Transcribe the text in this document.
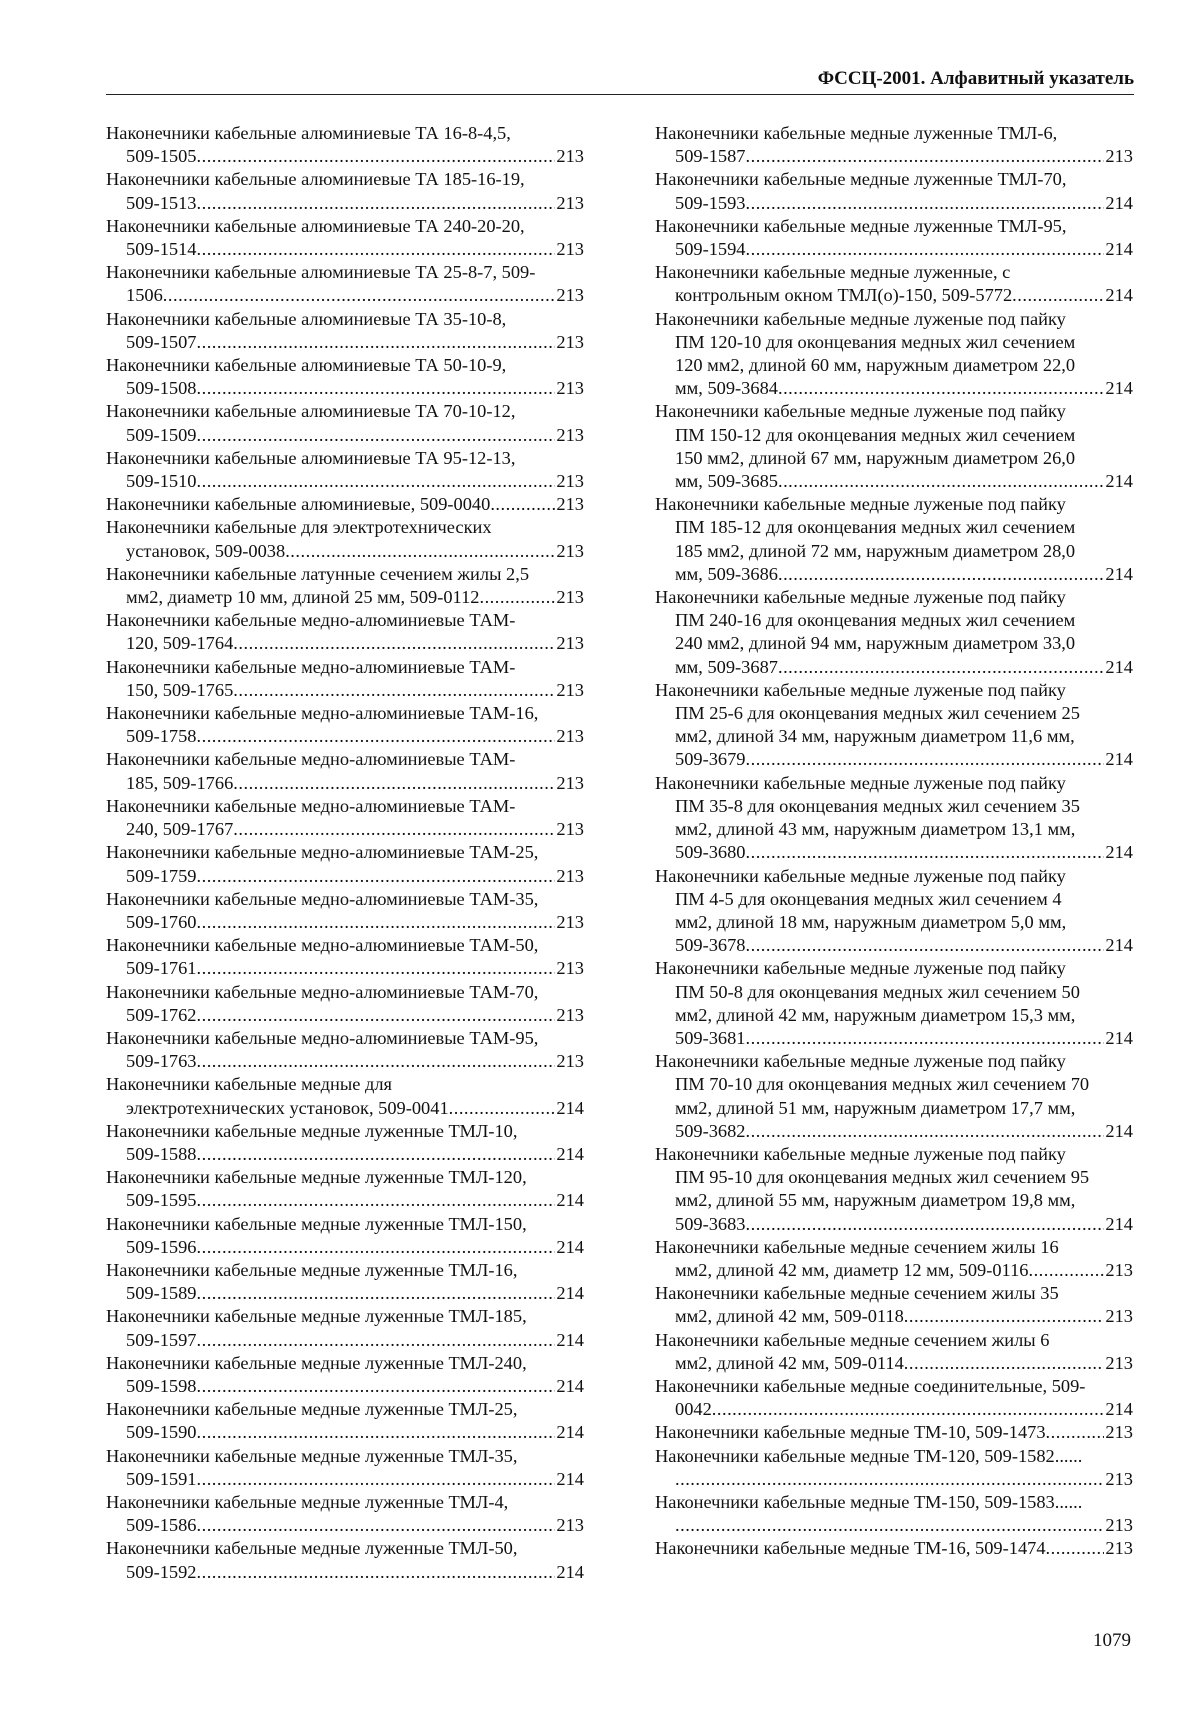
ФССЦ-2001. Алфавитный указатель
Наконечники кабельные алюминиевые ТА 16-8-4,5,
509-1505 .....	213
Наконечники кабельные алюминиевые ТА 185-16-19,
509-1513 .....	213
Наконечники кабельные алюминиевые ТА 240-20-20,
509-1514 .....	213
Наконечники кабельные алюминиевые ТА 25-8-7, 509-
1506 .....	213
Наконечники кабельные алюминиевые ТА 35-10-8,
509-1507 .....	213
Наконечники кабельные алюминиевые ТА 50-10-9,
509-1508 .....	213
Наконечники кабельные алюминиевые ТА 70-10-12,
509-1509 .....	213
Наконечники кабельные алюминиевые ТА 95-12-13,
509-1510 .....	213
Наконечники кабельные алюминиевые, 509-0040 .....	213
Наконечники кабельные для электротехнических
установок, 509-0038 .....	213
Наконечники кабельные латунные сечением жилы 2,5
мм2, диаметр 10 мм, длиной 25 мм, 509-0112 .....	213
Наконечники кабельные медно-алюминиевые ТАМ-
120, 509-1764 .....	213
Наконечники кабельные медно-алюминиевые ТАМ-
150, 509-1765 .....	213
Наконечники кабельные медно-алюминиевые ТАМ-16,
509-1758 .....	213
Наконечники кабельные медно-алюминиевые ТАМ-
185, 509-1766 .....	213
Наконечники кабельные медно-алюминиевые ТАМ-
240, 509-1767 .....	213
Наконечники кабельные медно-алюминиевые ТАМ-25,
509-1759 .....	213
Наконечники кабельные медно-алюминиевые ТАМ-35,
509-1760 .....	213
Наконечники кабельные медно-алюминиевые ТАМ-50,
509-1761 .....	213
Наконечники кабельные медно-алюминиевые ТАМ-70,
509-1762 .....	213
Наконечники кабельные медно-алюминиевые ТАМ-95,
509-1763 .....	213
Наконечники кабельные медные для
электротехнических установок, 509-0041 .....	214
Наконечники кабельные медные луженные ТМЛ-10,
509-1588 .....	214
Наконечники кабельные медные луженные ТМЛ-120,
509-1595 .....	214
Наконечники кабельные медные луженные ТМЛ-150,
509-1596 .....	214
Наконечники кабельные медные луженные ТМЛ-16,
509-1589 .....	214
Наконечники кабельные медные луженные ТМЛ-185,
509-1597 .....	214
Наконечники кабельные медные луженные ТМЛ-240,
509-1598 .....	214
Наконечники кабельные медные луженные ТМЛ-25,
509-1590 .....	214
Наконечники кабельные медные луженные ТМЛ-35,
509-1591 .....	214
Наконечники кабельные медные луженные ТМЛ-4,
509-1586 .....	213
Наконечники кабельные медные луженные ТМЛ-50,
509-1592 .....	214
Наконечники кабельные медные луженные ТМЛ-6,
509-1587 .....	213
Наконечники кабельные медные луженные ТМЛ-70,
509-1593 .....	214
Наконечники кабельные медные луженные ТМЛ-95,
509-1594 .....	214
Наконечники кабельные медные луженные, с
контрольным окном ТМЛ(о)-150, 509-5772 .....	214
Наконечники кабельные медные луженые под пайку
ПМ 120-10 для оконцевания медных жил сечением
120 мм2, длиной 60 мм, наружным диаметром 22,0
мм, 509-3684 .....	214
Наконечники кабельные медные луженые под пайку
ПМ 150-12 для оконцевания медных жил сечением
150 мм2, длиной 67 мм, наружным диаметром 26,0
мм, 509-3685 .....	214
Наконечники кабельные медные луженые под пайку
ПМ 185-12 для оконцевания медных жил сечением
185 мм2, длиной 72 мм, наружным диаметром 28,0
мм, 509-3686 .....	214
Наконечники кабельные медные луженые под пайку
ПМ 240-16 для оконцевания медных жил сечением
240 мм2, длиной 94 мм, наружным диаметром 33,0
мм, 509-3687 .....	214
Наконечники кабельные медные луженые под пайку
ПМ 25-6 для оконцевания медных жил сечением 25
мм2, длиной 34 мм, наружным диаметром 11,6 мм,
509-3679 .....	214
Наконечники кабельные медные луженые под пайку
ПМ 35-8 для оконцевания медных жил сечением 35
мм2, длиной 43 мм, наружным диаметром 13,1 мм,
509-3680 .....	214
Наконечники кабельные медные луженые под пайку
ПМ 4-5 для оконцевания медных жил сечением 4
мм2, длиной 18 мм, наружным диаметром 5,0 мм,
509-3678 .....	214
Наконечники кабельные медные луженые под пайку
ПМ 50-8 для оконцевания медных жил сечением 50
мм2, длиной 42 мм, наружным диаметром 15,3 мм,
509-3681 .....	214
Наконечники кабельные медные луженые под пайку
ПМ 70-10 для оконцевания медных жил сечением 70
мм2, длиной 51 мм, наружным диаметром 17,7 мм,
509-3682 .....	214
Наконечники кабельные медные луженые под пайку
ПМ 95-10 для оконцевания медных жил сечением 95
мм2, длиной 55 мм, наружным диаметром 19,8 мм,
509-3683 .....	214
Наконечники кабельные медные сечением жилы 16
мм2, длиной 42 мм, диаметр 12 мм, 509-0116 .....	213
Наконечники кабельные медные сечением жилы 35
мм2, длиной 42 мм, 509-0118 .....	213
Наконечники кабельные медные сечением жилы 6
мм2, длиной 42 мм, 509-0114 .....	213
Наконечники кабельные медные соединительные, 509-
0042 .....	214
Наконечники кабельные медные ТМ-10, 509-1473 .....	213
Наконечники кабельные медные ТМ-120, 509-1582......
.....
213
Наконечники кабельные медные ТМ-150, 509-1583......
.....
213
Наконечники кабельные медные ТМ-16, 509-1474 .....	213
1079
